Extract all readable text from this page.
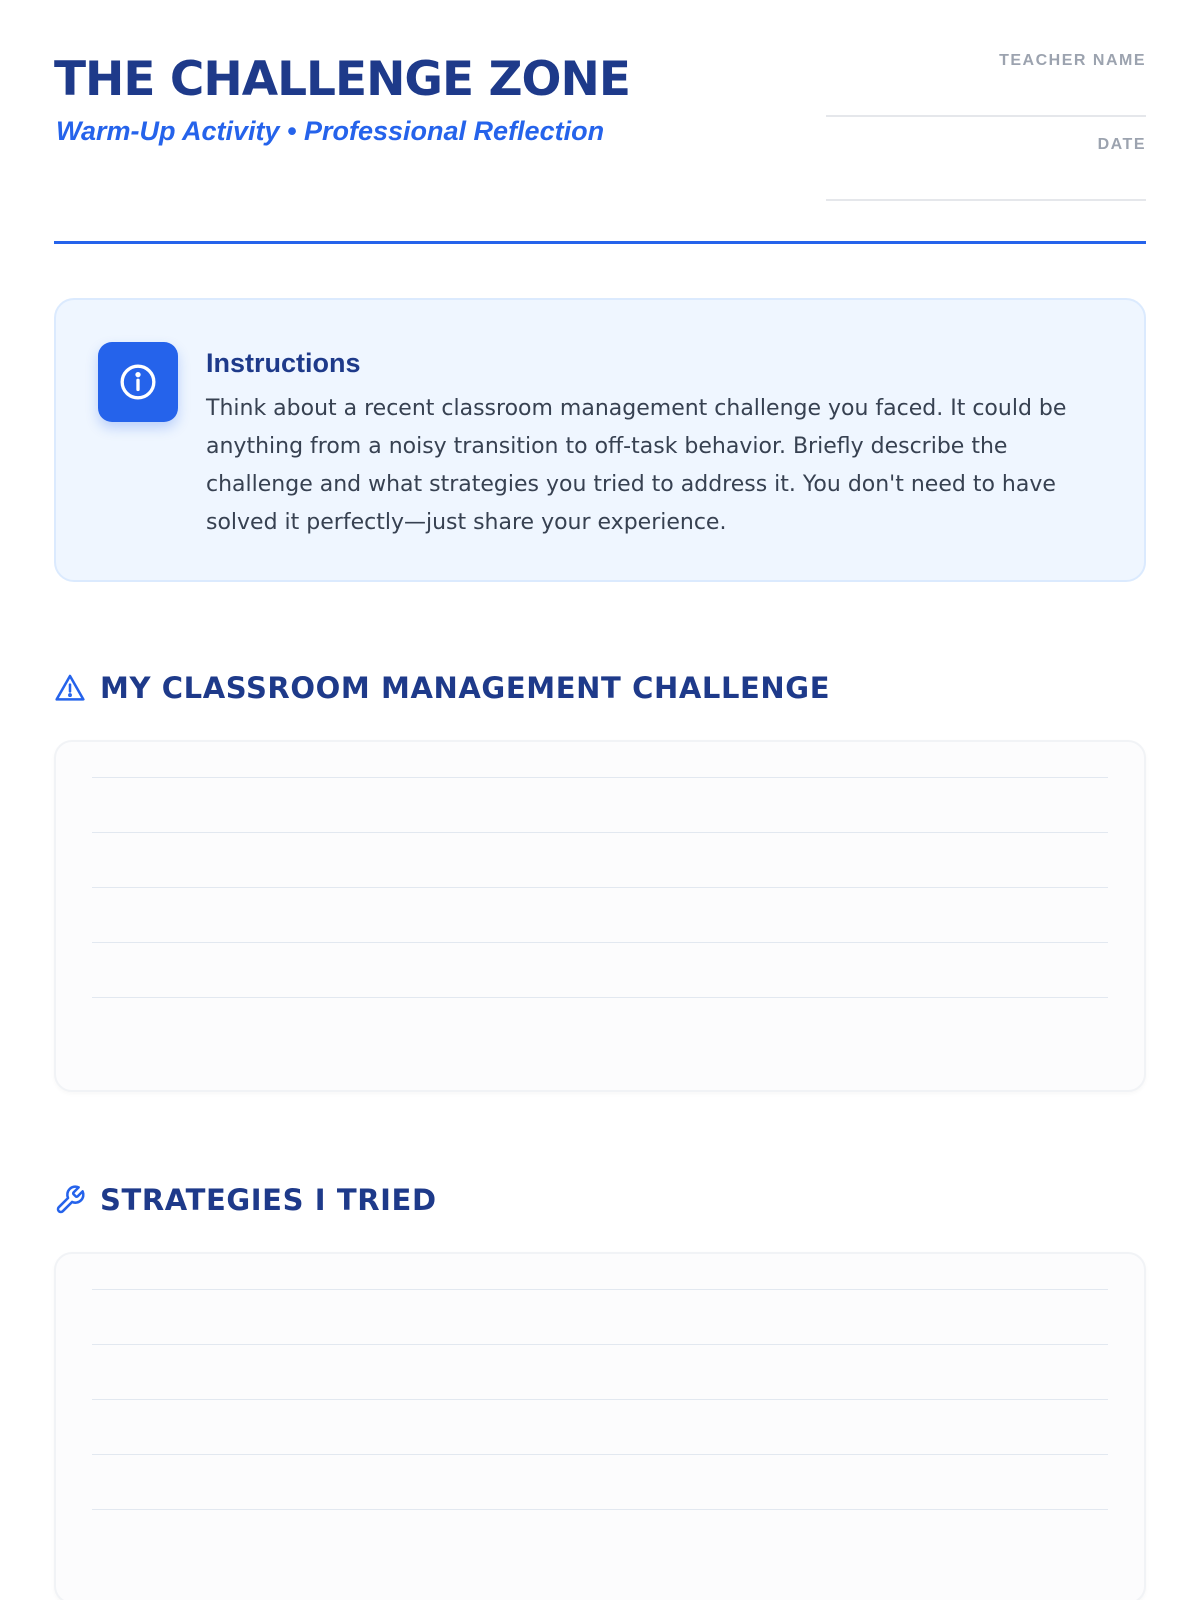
THE CHALLENGE ZONE
Warm-Up Activity • Professional Reflection
TEACHER NAME
DATE
Instructions

Think about a recent classroom management challenge you faced. It could be anything from a noisy transition to off-task behavior. Briefly describe the challenge and what strategies you tried to address it. You don't need to have solved it perfectly—just share your experience.

MY CLASSROOM MANAGEMENT CHALLENGE
STRATEGIES I TRIED
